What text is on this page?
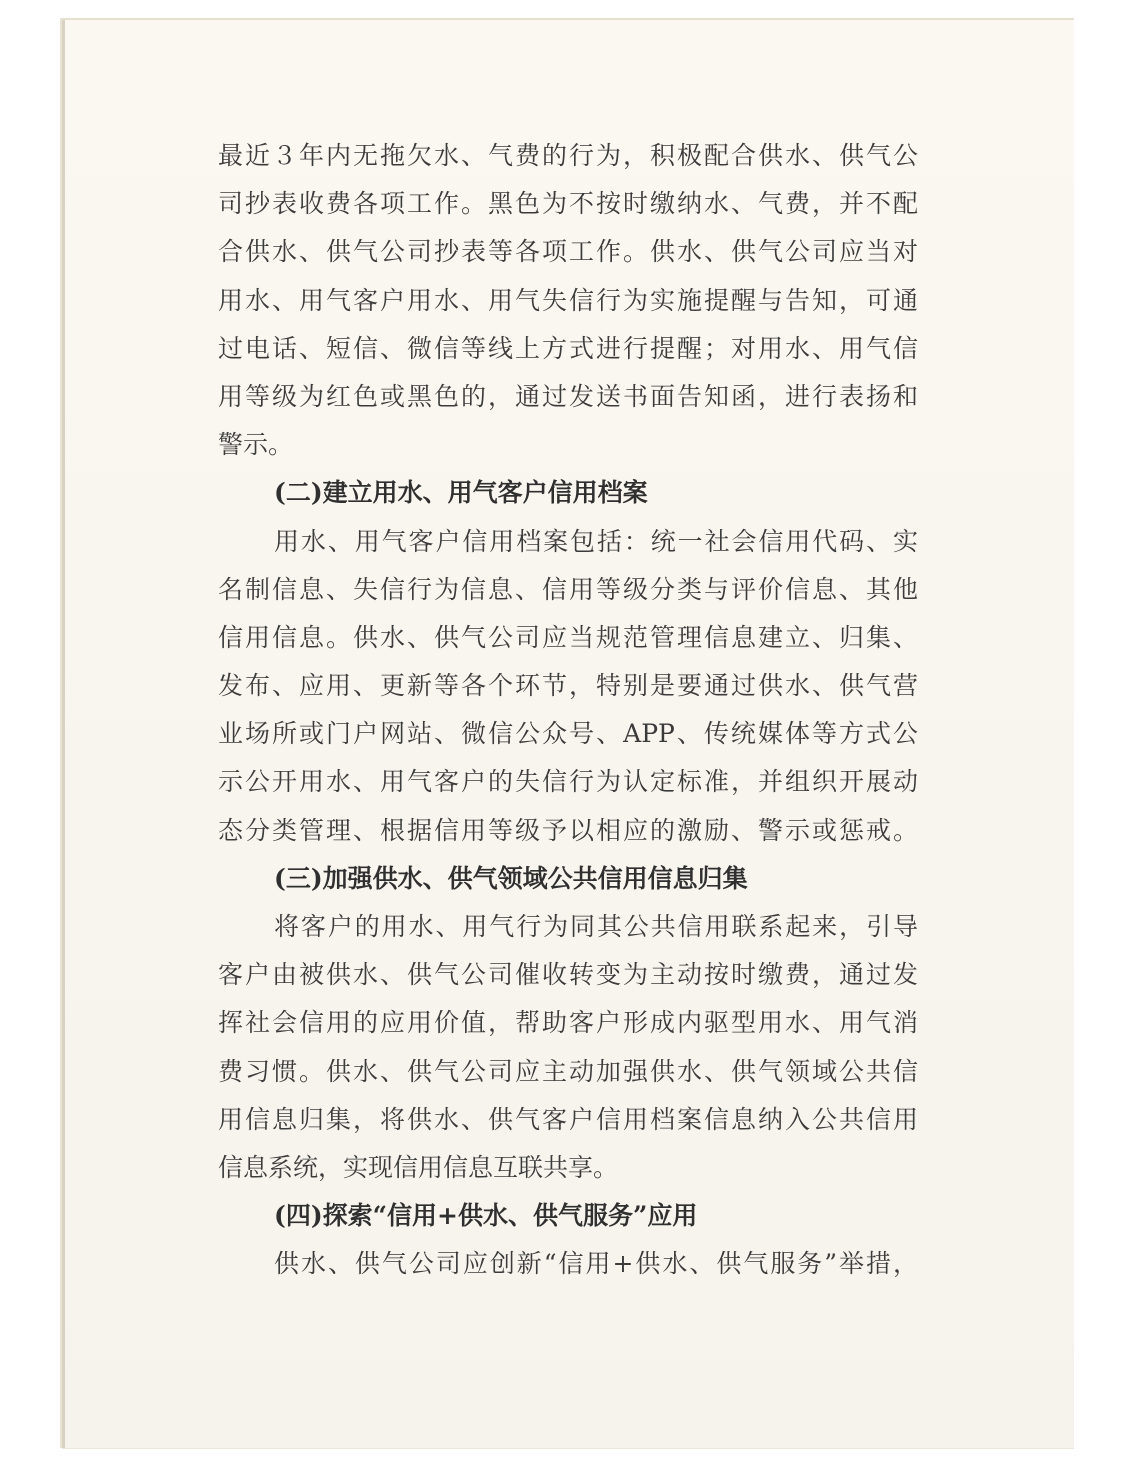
最近３年内无拖欠水、气费的行为，积极配合供水、供气公
司抄表收费各项工作。黑色为不按时缴纳水、气费，并不配
合供水、供气公司抄表等各项工作。供水、供气公司应当对
用水、用气客户用水、用气失信行为实施提醒与告知，可通
过电话、短信、微信等线上方式进行提醒；对用水、用气信
用等级为红色或黑色的，通过发送书面告知函，进行表扬和
警示。
(二)建立用水、用气客户信用档案
用水、用气客户信用档案包括：统一社会信用代码、实
名制信息、失信行为信息、信用等级分类与评价信息、其他
信用信息。供水、供气公司应当规范管理信息建立、归集、
发布、应用、更新等各个环节，特别是要通过供水、供气营
业场所或门户网站、微信公众号、APP、传统媒体等方式公
示公开用水、用气客户的失信行为认定标准，并组织开展动
态分类管理、根据信用等级予以相应的激励、警示或惩戒。
(三)加强供水、供气领域公共信用信息归集
将客户的用水、用气行为同其公共信用联系起来，引导
客户由被供水、供气公司催收转变为主动按时缴费，通过发
挥社会信用的应用价值，帮助客户形成内驱型用水、用气消
费习惯。供水、供气公司应主动加强供水、供气领域公共信
用信息归集，将供水、供气客户信用档案信息纳入公共信用
信息系统，实现信用信息互联共享。
(四)探索“信用+供水、供气服务”应用
供水、供气公司应创新“信用+供水、供气服务”举措，
